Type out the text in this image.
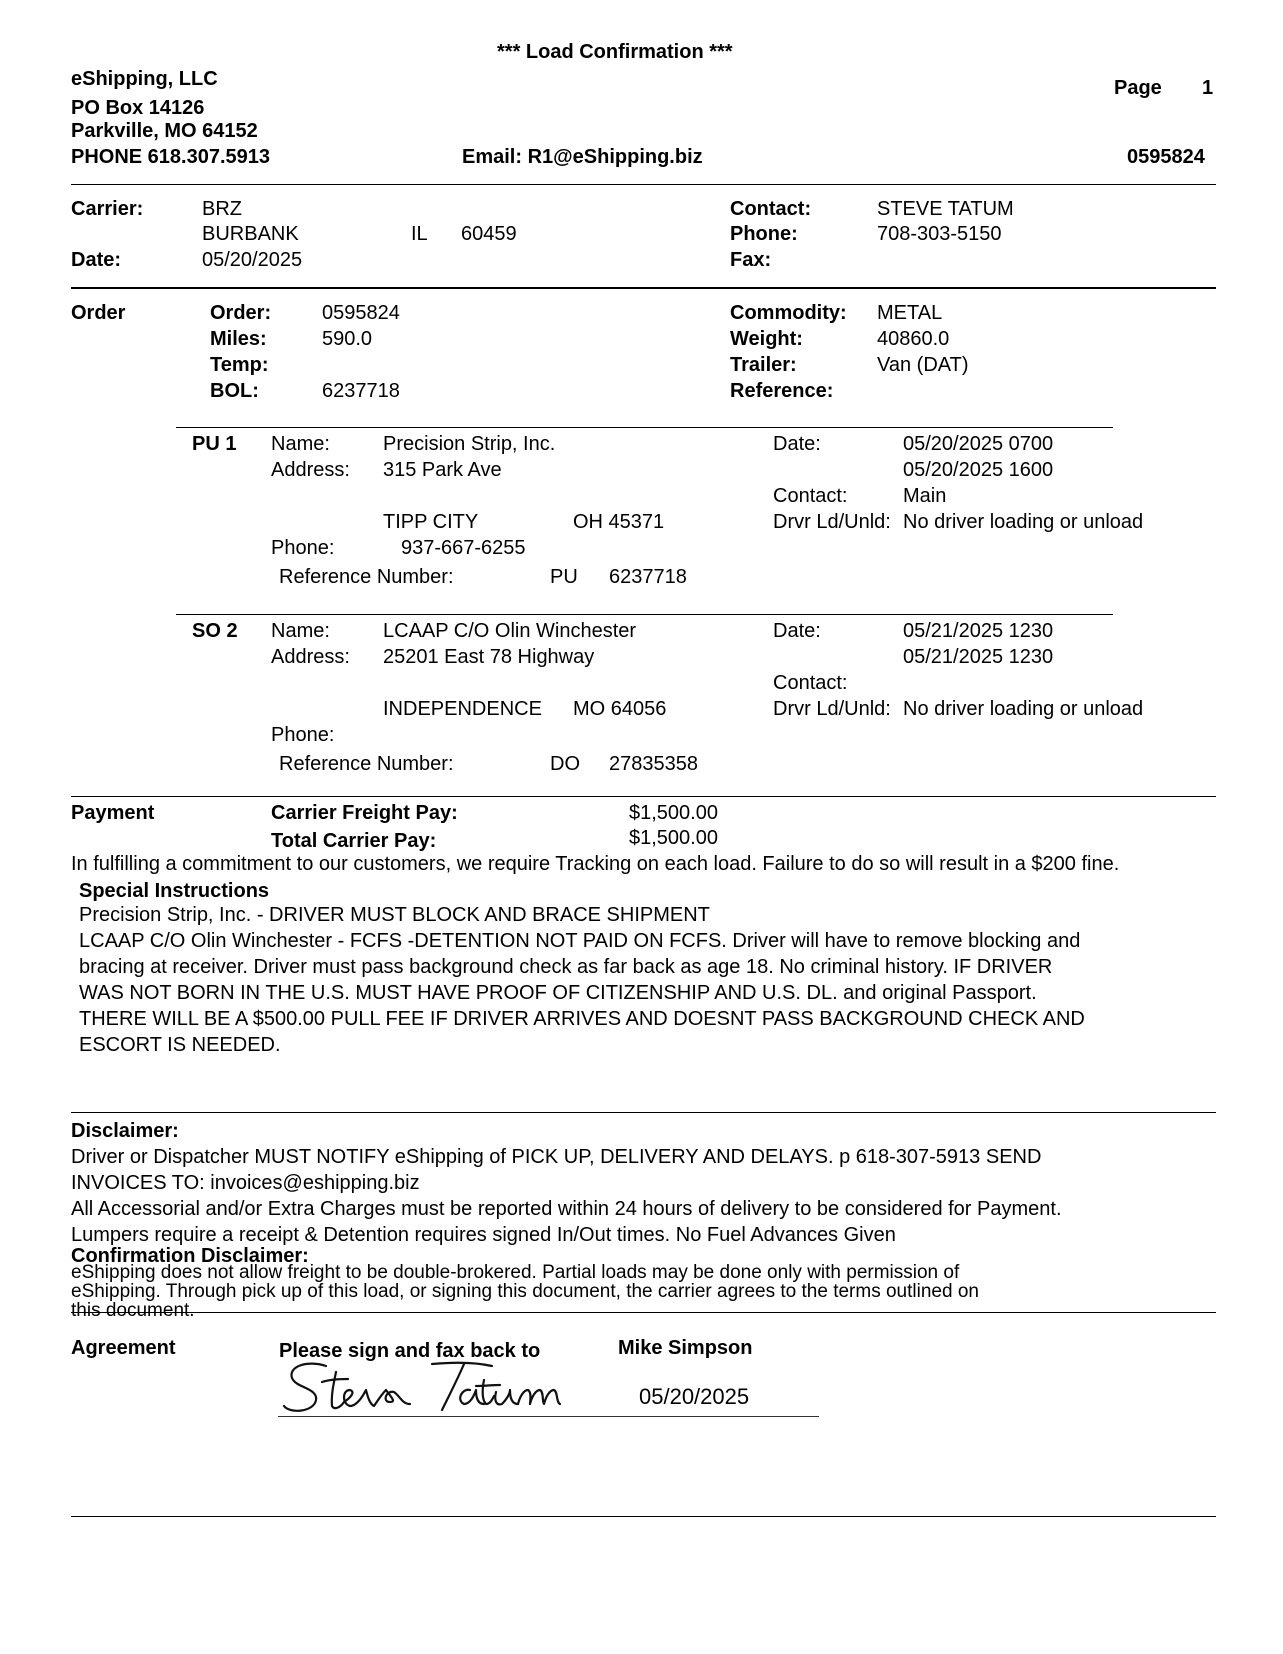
*** Load Confirmation ***
eShipping, LLC
PO Box 14126
Parkville, MO 64152
PHONE 618.307.5913	Email: R1@eShipping.biz
Page 1
0595824
Carrier:	BRZ
BURBANK	IL 60459
Date:	05/20/2025
Contact:	STEVE TATUM
Phone:	708-303-5150
Fax:
Order	Order:	0595824
Miles:	590.0
Temp:
BOL:	6237718
Commodity: METAL
Weight:	40860.0
Trailer:	Van (DAT)
Reference:
PU 1 Name:	Precision Strip, Inc.
Address: 315 Park Ave
TIPP CITY	OH 45371
Phone:	937-667-6255
Reference Number:	PU 6237718
Date:	05/20/2025 0700
05/20/2025 1600
Contact:	Main
Drvr Ld/Unld: No driver loading or unload
SO 2 Name:	LCAAP C/O Olin Winchester
Address: 25201 East 78 Highway
INDEPENDENCE MO 64056
Phone:
Reference Number:	DO 27835358
Date:	05/21/2025 1230
05/21/2025 1230
Contact:
Drvr Ld/Unld: No driver loading or unload
Payment	Carrier Freight Pay:	$1,500.00
Total Carrier Pay:	$1,500.00
In fulfilling a commitment to our customers, we require Tracking on each load. Failure to do so will result in a $200 fine.
Special Instructions
Precision Strip, Inc. - DRIVER MUST BLOCK AND BRACE SHIPMENT
LCAAP C/O Olin Winchester - FCFS -DETENTION NOT PAID ON FCFS. Driver will have to remove blocking and
bracing at receiver. Driver must pass background check as far back as age 18. No criminal history. IF DRIVER
WAS NOT BORN IN THE U.S. MUST HAVE PROOF OF CITIZENSHIP AND U.S. DL. and original Passport.
THERE WILL BE A $500.00 PULL FEE IF DRIVER ARRIVES AND DOESNT PASS BACKGROUND CHECK AND
ESCORT IS NEEDED.
Disclaimer:
Driver or Dispatcher MUST NOTIFY eShipping of PICK UP, DELIVERY AND DELAYS. p 618-307-5913 SEND
INVOICES TO: invoices@eshipping.biz
All Accessorial and/or Extra Charges must be reported within 24 hours of delivery to be considered for Payment.
Lumpers require a receipt & Detention requires signed In/Out times. No Fuel Advances Given
Confirmation Disclaimer:
eShipping does not allow freight to be double-brokered. Partial loads may be done only with permission of
eShipping. Through pick up of this load, or signing this document, the carrier agrees to the terms outlined on
this document.
Agreement	Please sign and fax back to	Mike Simpson
05/20/2025
